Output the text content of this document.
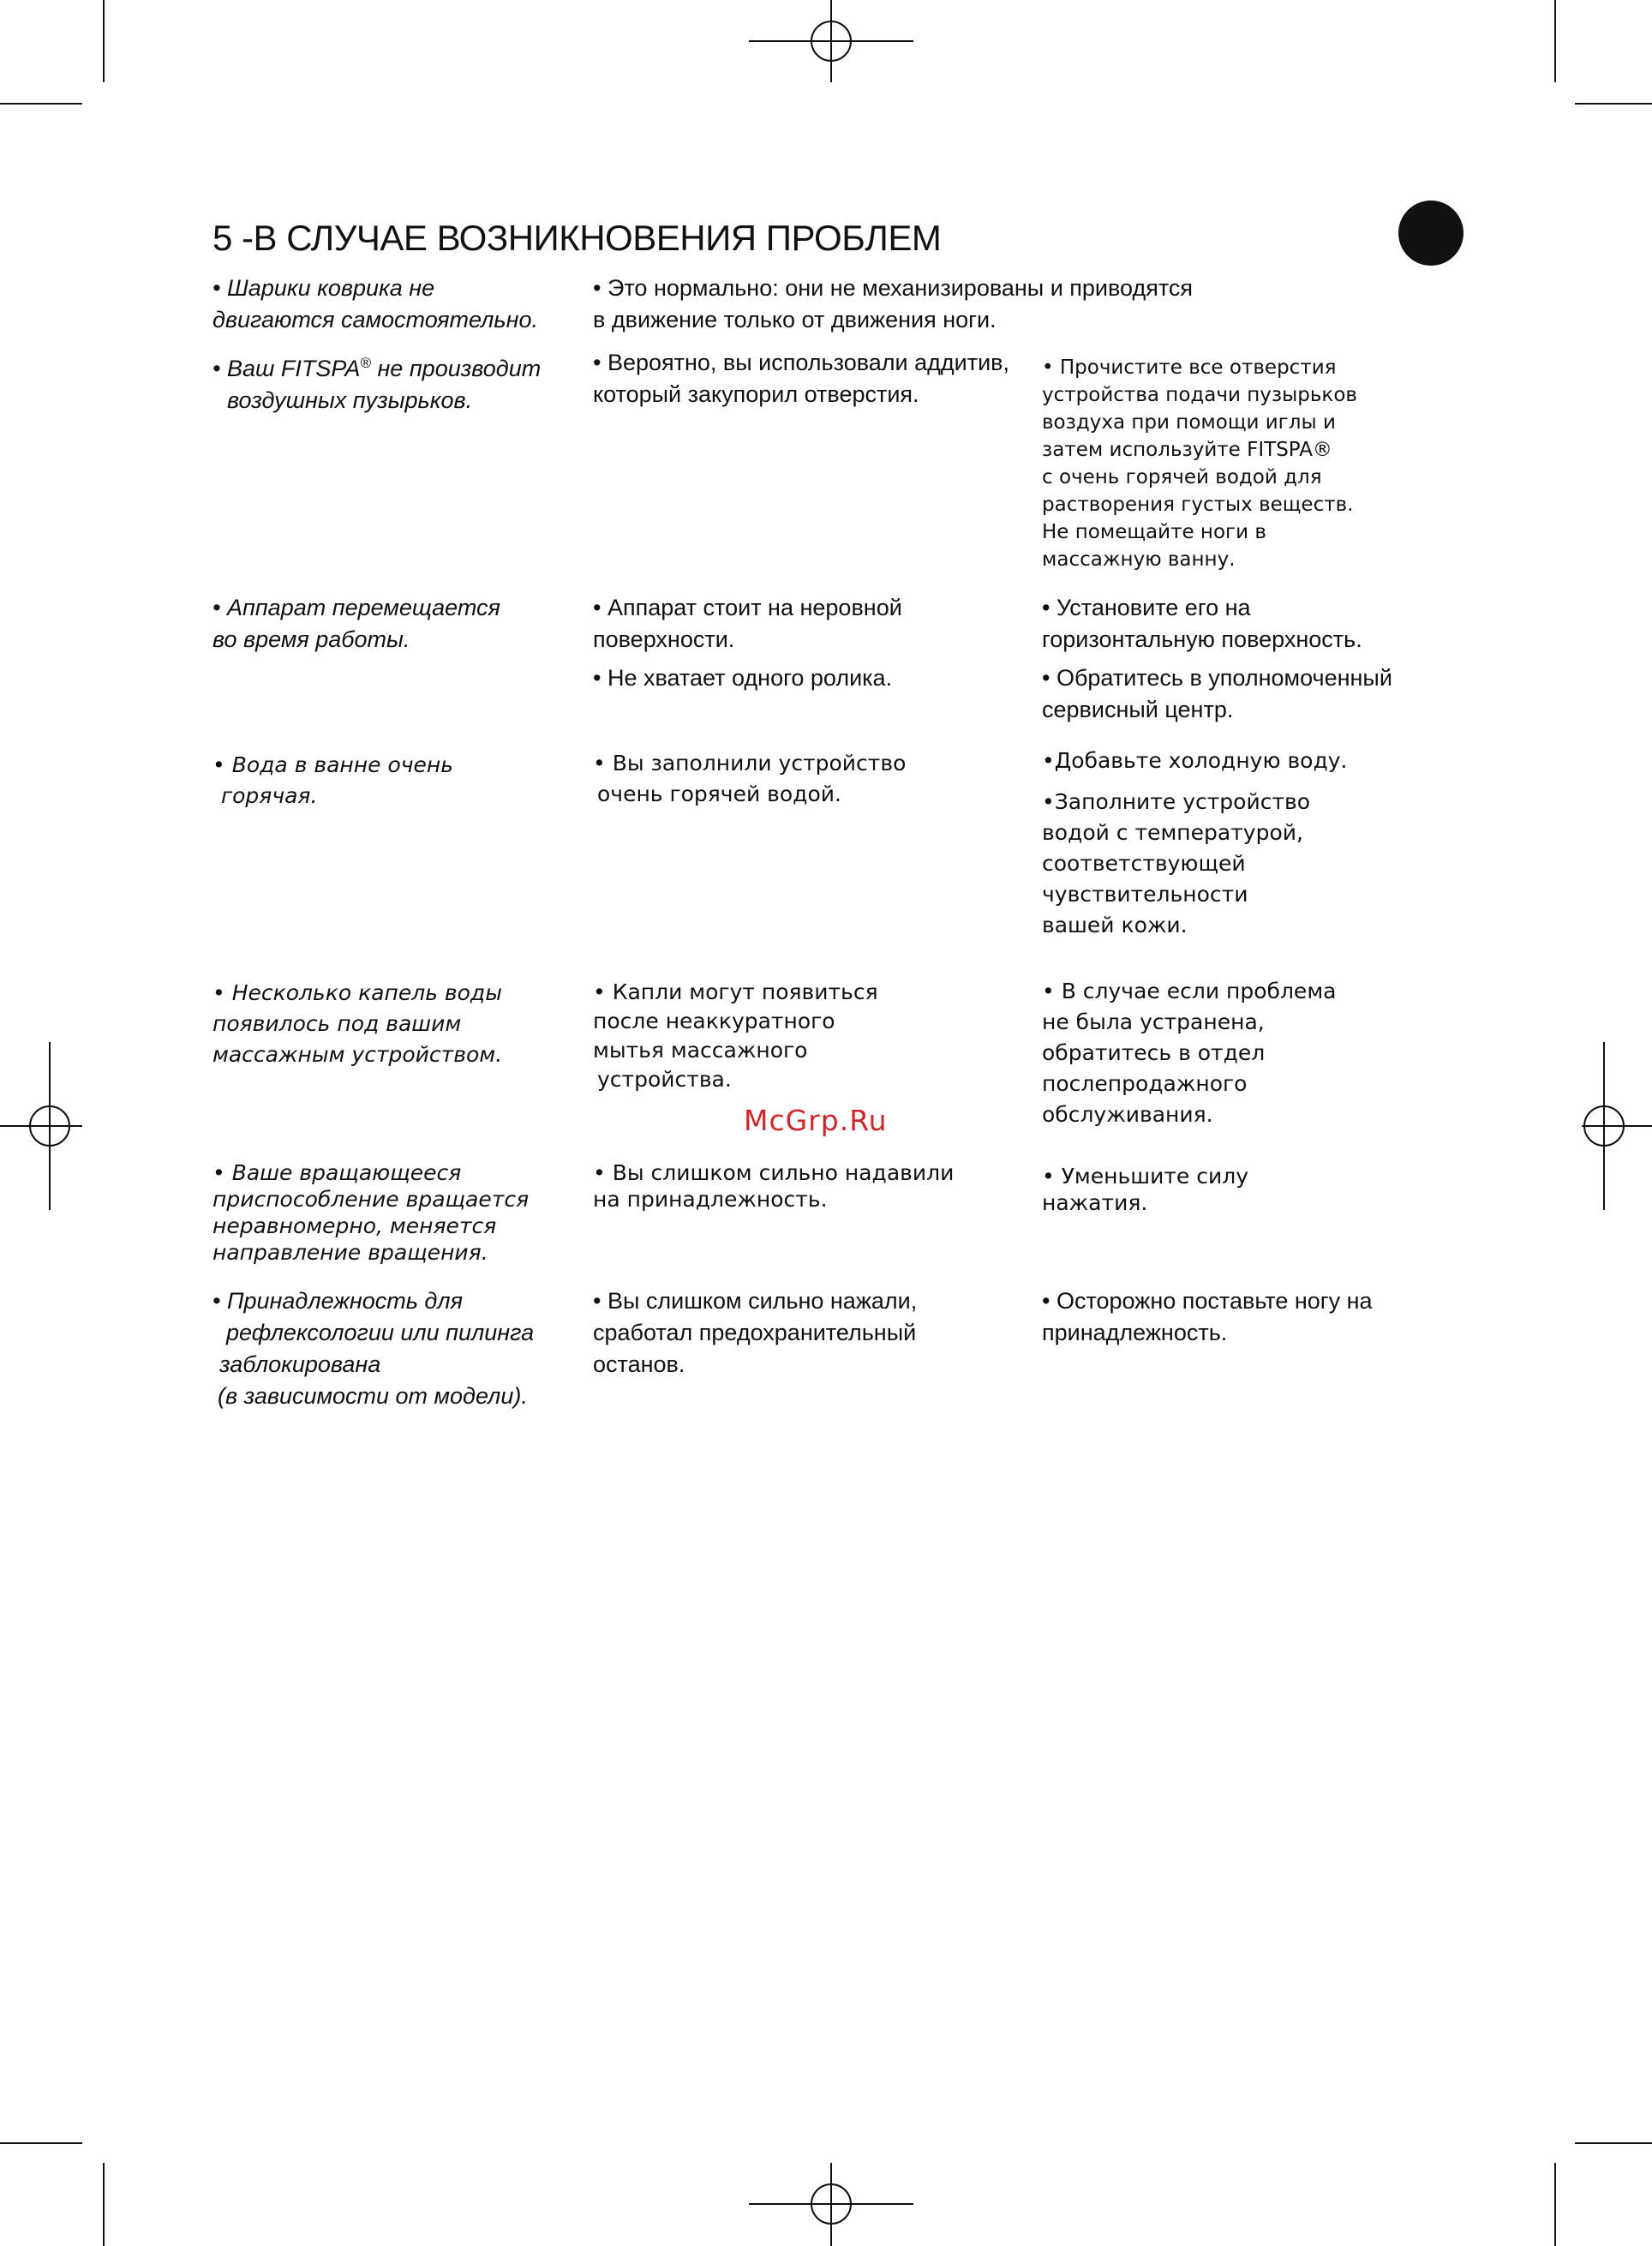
5 -В СЛУЧАЕ ВОЗНИКНОВЕНИЯ ПРОБЛЕМ

• Шарики коврика не

двигаются самостоятельно.

• Это нормально: они не механизированы и приводятся

в движение только от движения ноги.

• Ваш FITSPA® не производит

воздушных пузырьков.

• Вероятно, вы использовали аддитив,

который закупорил отверстия.

• Прочистите все отверстия

устройства подачи пузырьков

воздуха при помощи иглы и

затем используйте FITSPA®

с очень горячей водой для

растворения густых веществ.

Не помещайте ноги в

массажную ванну.

• Аппарат перемещается

во время работы.

• Аппарат стоит на неровной

поверхности.

• Не хватает одного ролика.

• Установите его на

горизонтальную поверхность.

• Обратитесь в уполномоченный

сервисный центр.

• Вода в ванне очень

горячая.

• Вы заполнили устройство

очень горячей водой.

•Добавьте холодную воду.

•Заполните устройство

водой с температурой,

соответствующей

чувствительности

вашей кожи.

• Несколько капель воды

появилось под вашим

массажным устройством.

• Капли могут появиться

после неаккуратного

мытья массажного

устройства.

• В случае если проблема

не была устранена,

обратитесь в отдел

послепродажного

обслуживания.

McGrp.Ru

• Ваше вращающееся

приспособление вращается

неравномерно, меняется

направление вращения.

• Вы слишком сильно надавили

на принадлежность.

• Уменьшите силу

нажатия.

• Принадлежность для

рефлексологии или пилинга

заблокирована

(в зависимости от модели).

• Вы слишком сильно нажали,

сработал предохранительный

останов.

• Осторожно поставьте ногу на

принадлежность.
